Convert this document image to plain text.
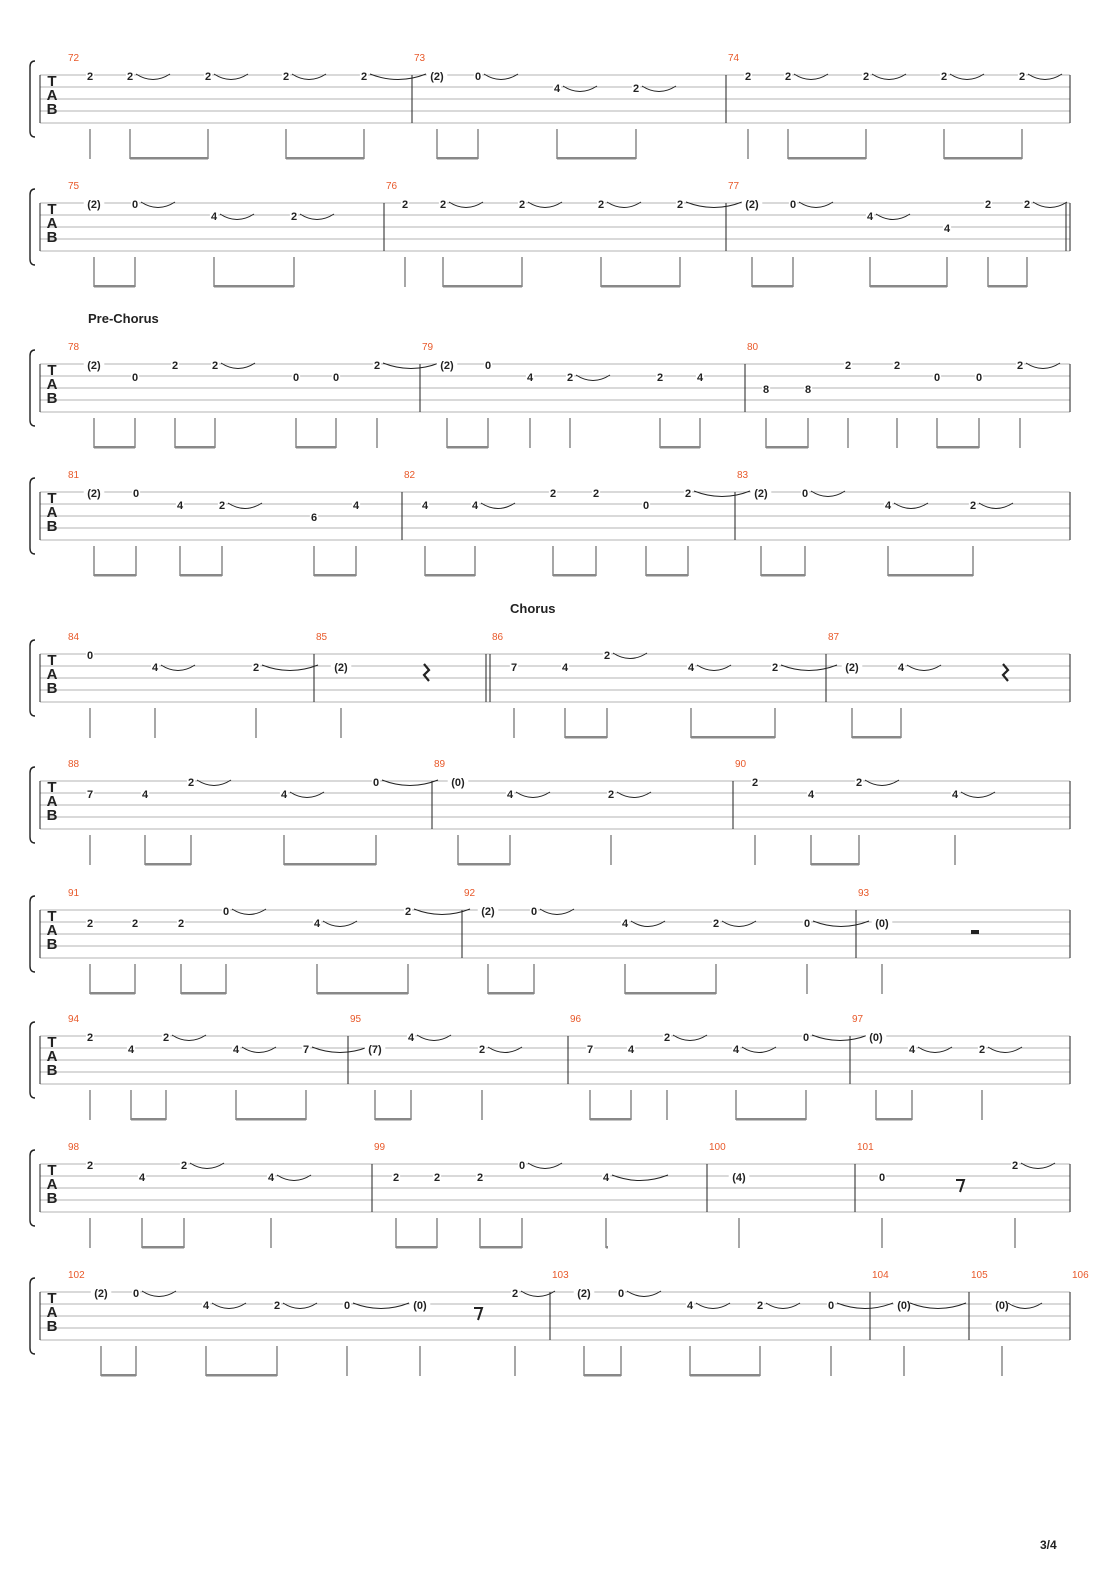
T
A
B
72
2	2	2	2	2
73
(2)	0
4	2
74
2	2	2	2	2
T
A
B
75
(2)	0
4	2
76
2	2	2	2	2
77
(2)	0
4
4
2	2
T
A
B
78
(2)
0
2	2
0	0
2
79
(2)	0
4	2	2	4
80
8	8
2	2
0	0
2
T
A
B
81
(2)	0
4	2
6
4
82
4	4
2	2
0
2
83
(2)	0
4	2
T
A
B
84
0
4	2
85
(2)
86
7	4
2
4	2
87
(2)	4
T
A
B
88
7	4
2
4
0
89
(0)
4	2
90
2
4
2
4
T
A
B
91
2	2	2
0
4
2
92
(2)	0
4	2	0
93
(0)
T
A
B
94
2
4
2
4	7
95
(7)
4
2
96
7	4
2
4
0
97
(0)
4	2
T
A
B
98
2
4
2
4
99
2	2	2
0
4
100
(4)
101
0
2
T
A
B
102
(2) 0
4	2	0
103
(0)
2
104
(2) 0
4	2	0
105
(0)
106
(0)
Pre-Chorus
Chorus
3/4
